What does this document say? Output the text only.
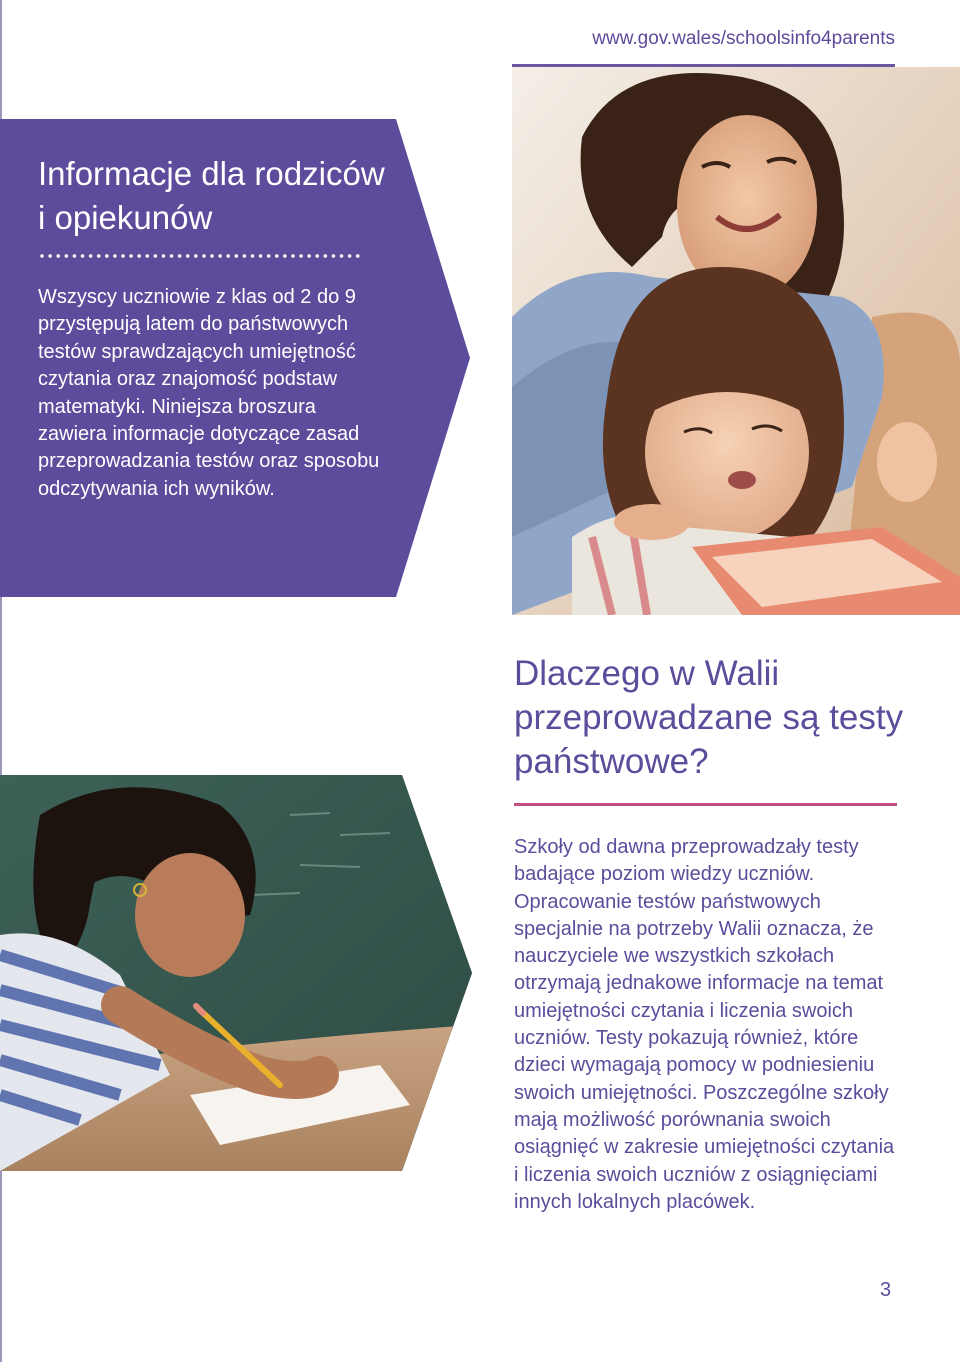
www.gov.wales/schoolsinfo4parents
Informacje dla rodziców i opiekunów

Wszyscy uczniowie z klas od 2 do 9 przystępują latem do państwowych testów sprawdzających umiejętność czytania oraz znajomość podstaw matematyki. Niniejsza broszura zawiera informacje dotyczące zasad przeprowadzania testów oraz sposobu odczytywania ich wyników.

Dlaczego w Walii przeprowadzane są testy państwowe?

Szkoły od dawna przeprowadzały testy badające poziom wiedzy uczniów. Opracowanie testów państwowych specjalnie na potrzeby Walii oznacza, że nauczyciele we wszystkich szkołach otrzymają jednakowe informacje na temat umiejętności czytania i liczenia swoich uczniów. Testy pokazują również, które dzieci wymagają pomocy w podniesieniu swoich umiejętności. Poszczególne szkoły mają możliwość porównania swoich osiągnięć w zakresie umiejętności czytania i liczenia swoich uczniów z osiągnięciami innych lokalnych placówek.

3
